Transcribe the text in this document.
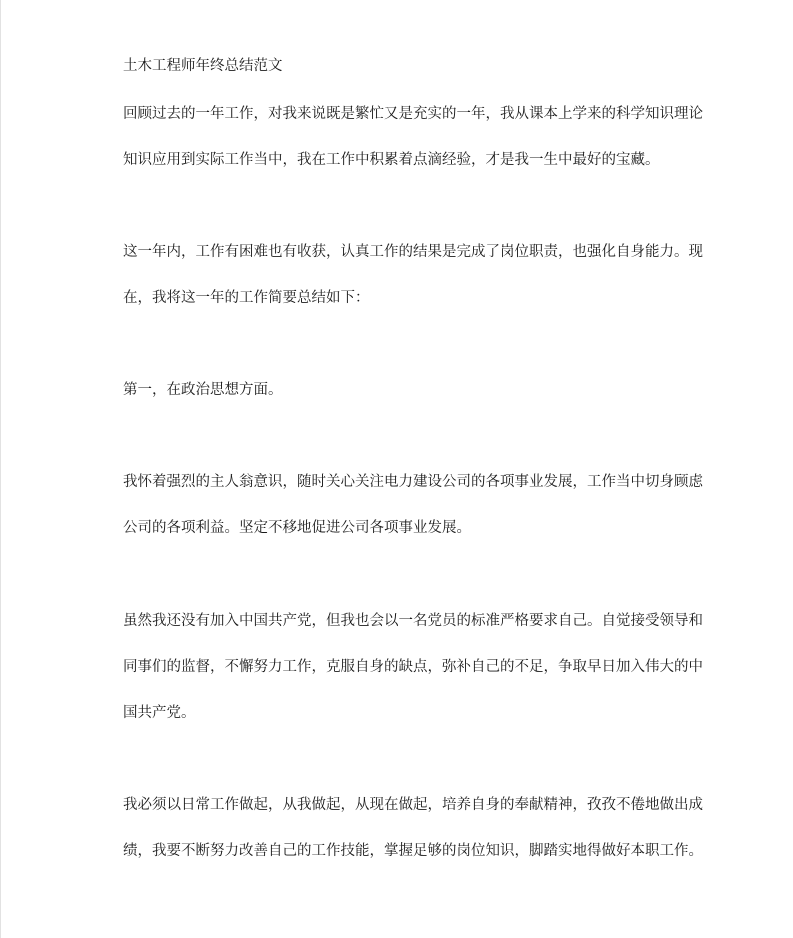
土木工程师年终总结范文

回顾过去的一年工作，对我来说既是繁忙又是充实的一年，我从课本上学来的科学知识理论

知识应用到实际工作当中，我在工作中积累着点滴经验，才是我一生中最好的宝藏。

这一年内，工作有困难也有收获，认真工作的结果是完成了岗位职责，也强化自身能力。现

在，我将这一年的工作简要总结如下：

第一，在政治思想方面。

我怀着强烈的主人翁意识，随时关心关注电力建设公司的各项事业发展，工作当中切身顾虑

公司的各项利益。坚定不移地促进公司各项事业发展。

虽然我还没有加入中国共产党，但我也会以一名党员的标准严格要求自己。自觉接受领导和

同事们的监督，不懈努力工作，克服自身的缺点，弥补自己的不足，争取早日加入伟大的中

国共产党。

我必须以日常工作做起，从我做起，从现在做起，培养自身的奉献精神，孜孜不倦地做出成

绩，我要不断努力改善自己的工作技能，掌握足够的岗位知识，脚踏实地得做好本职工作。
